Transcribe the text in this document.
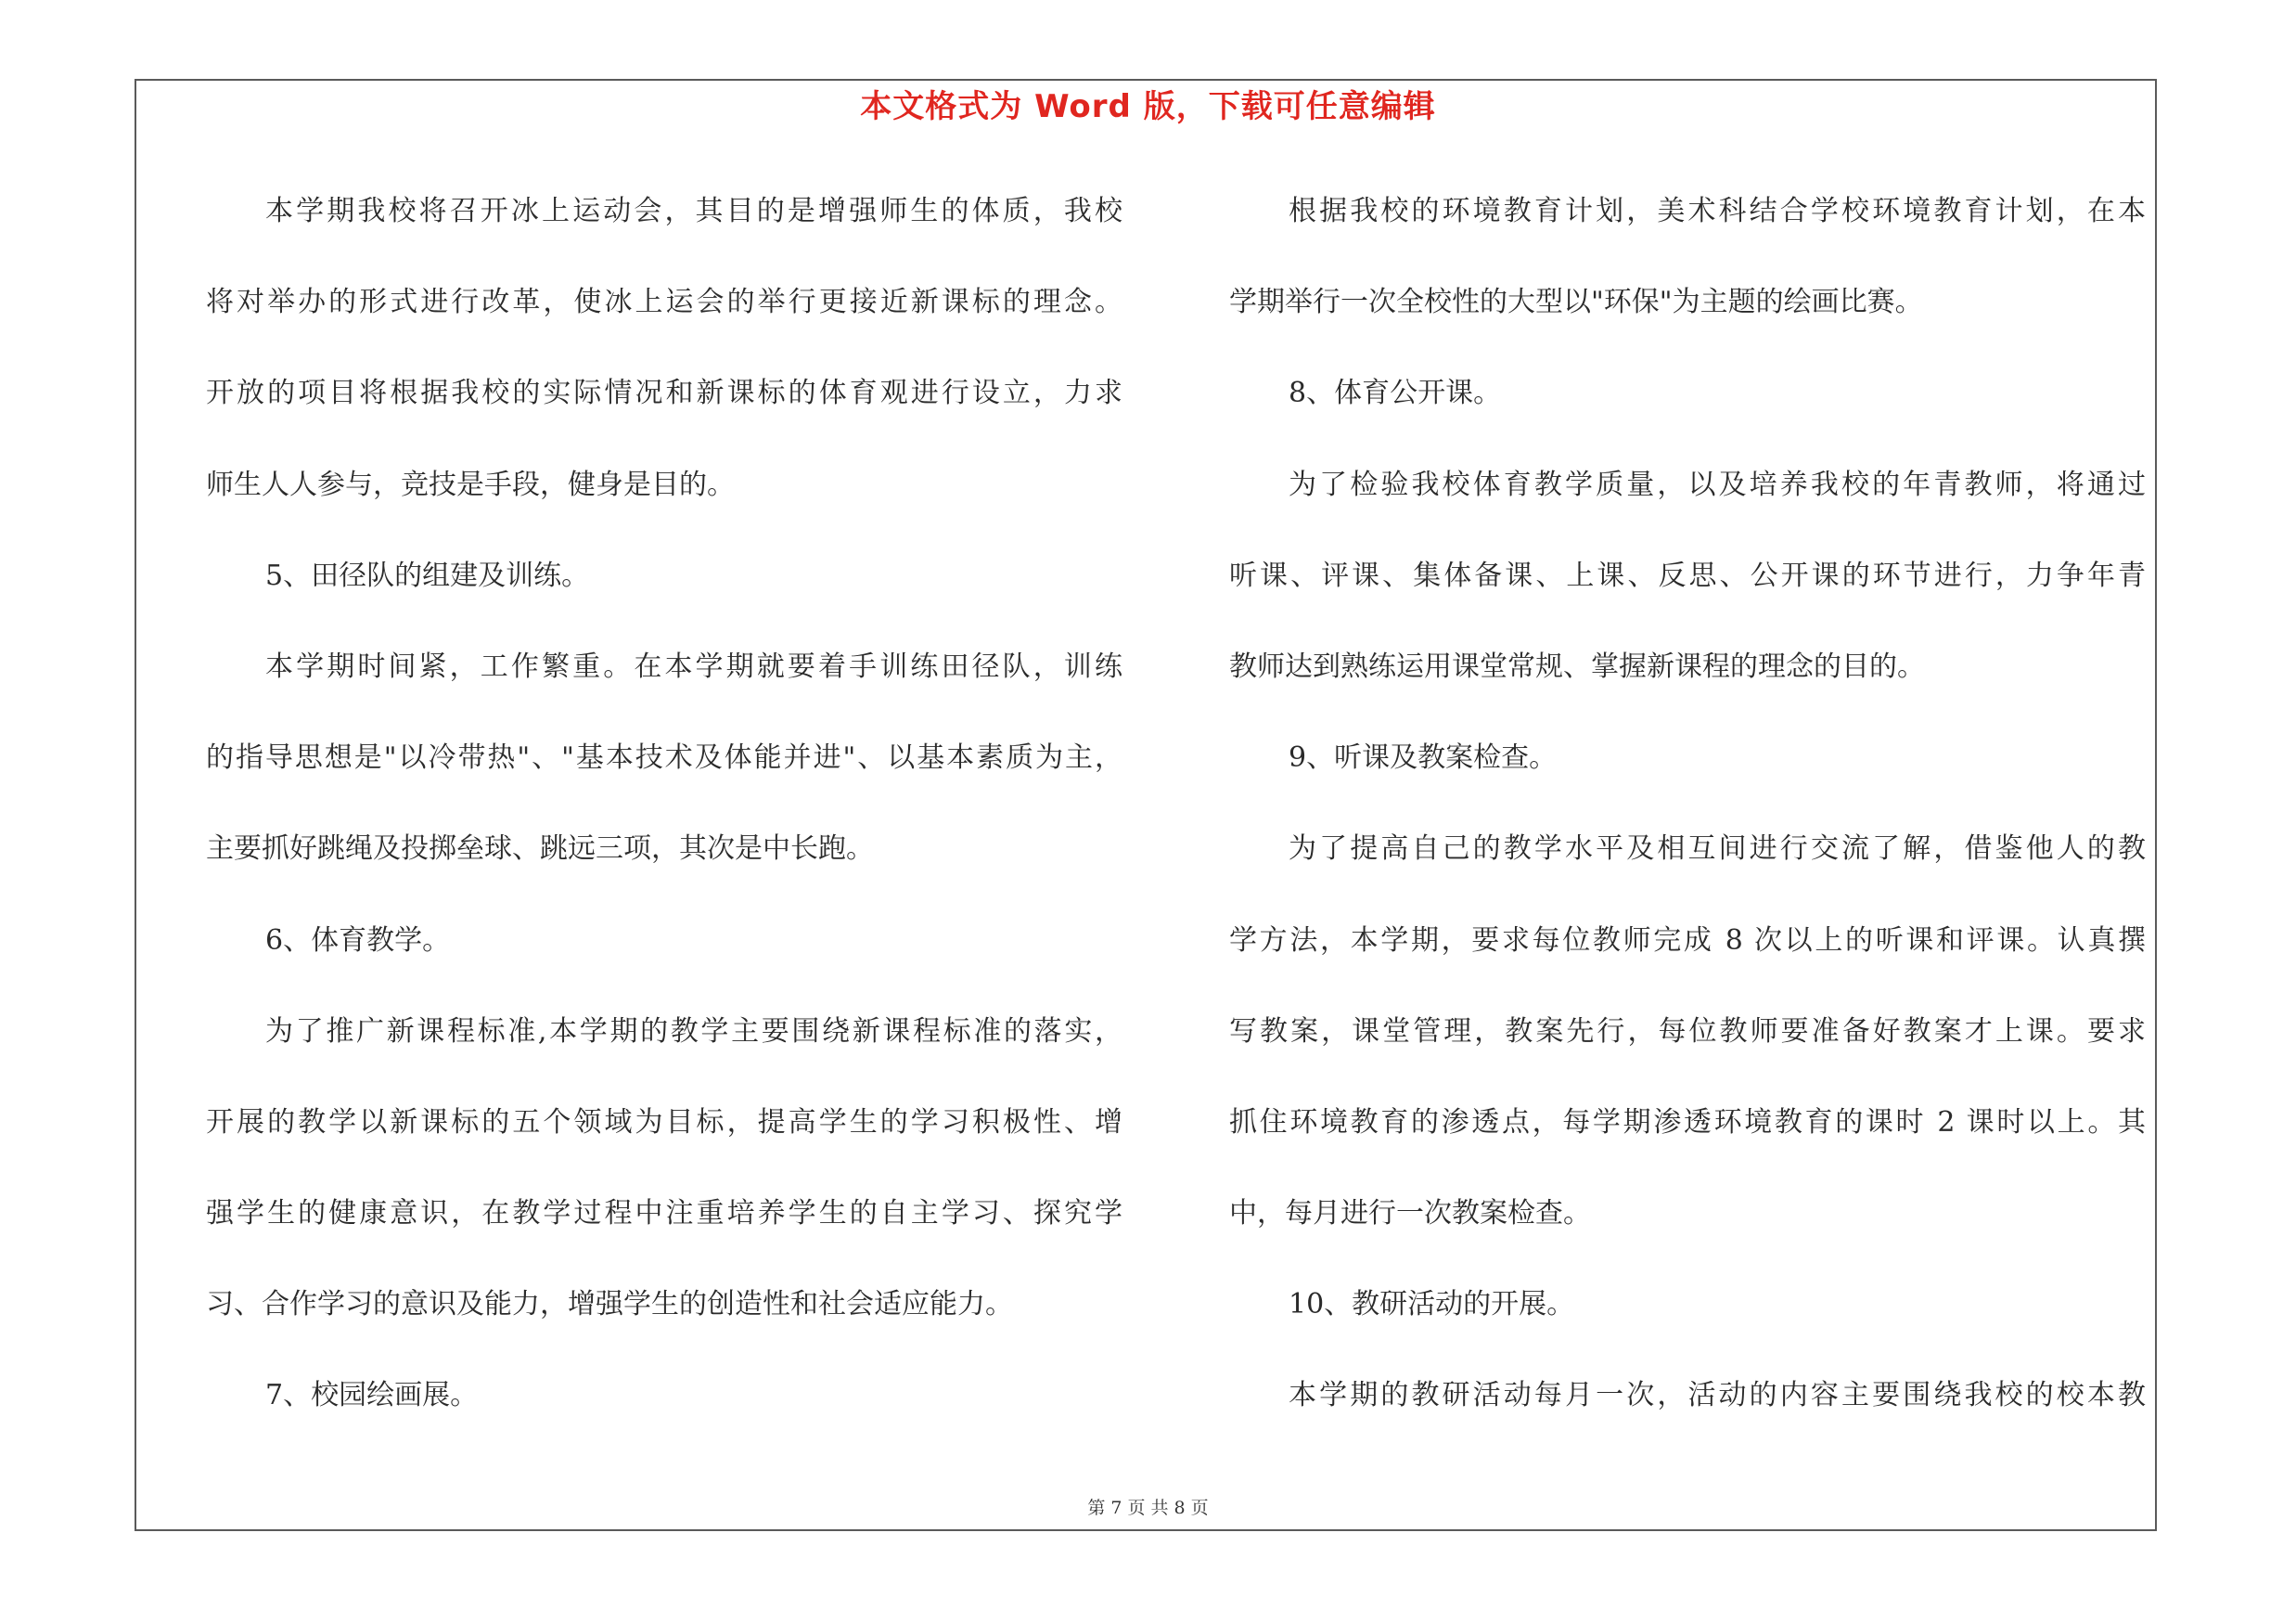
本文格式为 Word 版，下载可任意编辑
本学期我校将召开冰上运动会，其目的是增强师生的体质，我校
将对举办的形式进行改革，使冰上运会的举行更接近新课标的理念。
开放的项目将根据我校的实际情况和新课标的体育观进行设立，力求
师生人人参与，竞技是手段，健身是目的。
5、田径队的组建及训练。
本学期时间紧，工作繁重。在本学期就要着手训练田径队，训练
的指导思想是"以冷带热"、"基本技术及体能并进"、以基本素质为主，
主要抓好跳绳及投掷垒球、跳远三项，其次是中长跑。
6、体育教学。
为了推广新课程标准,本学期的教学主要围绕新课程标准的落实，
开展的教学以新课标的五个领域为目标，提高学生的学习积极性、增
强学生的健康意识，在教学过程中注重培养学生的自主学习、探究学
习、合作学习的意识及能力，增强学生的创造性和社会适应能力。
7、校园绘画展。
根据我校的环境教育计划，美术科结合学校环境教育计划，在本
学期举行一次全校性的大型以"环保"为主题的绘画比赛。
8、体育公开课。
为了检验我校体育教学质量，以及培养我校的年青教师，将通过
听课、评课、集体备课、上课、反思、公开课的环节进行，力争年青
教师达到熟练运用课堂常规、掌握新课程的理念的目的。
9、听课及教案检查。
为了提高自己的教学水平及相互间进行交流了解，借鉴他人的教
学方法，本学期，要求每位教师完成 8 次以上的听课和评课。认真撰
写教案，课堂管理，教案先行，每位教师要准备好教案才上课。要求
抓住环境教育的渗透点，每学期渗透环境教育的课时 2 课时以上。其
中，每月进行一次教案检查。
10、教研活动的开展。
本学期的教研活动每月一次，活动的内容主要围绕我校的校本教
第 7 页 共 8 页
